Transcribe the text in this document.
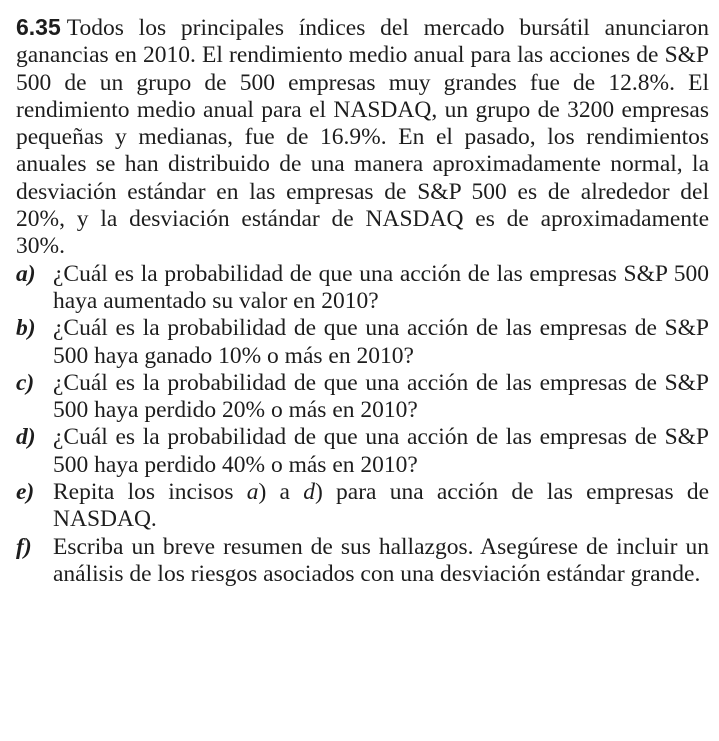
6.35 Todos los principales índices del mercado bursátil anunciaron ganancias en 2010. El rendimiento medio anual para las acciones de S&P 500 de un grupo de 500 empresas muy grandes fue de 12.8%. El rendimiento medio anual para el NASDAQ, un grupo de 3200 empresas pequeñas y medianas, fue de 16.9%. En el pasado, los rendimientos anuales se han distribuido de una manera aproximadamente normal, la desviación estándar en las empresas de S&P 500 es de alrededor del 20%, y la desviación estándar de NASDAQ es de aproximadamente 30%.

a) ¿Cuál es la probabilidad de que una acción de las empresas S&P 500 haya aumentado su valor en 2010?
b) ¿Cuál es la probabilidad de que una acción de las empresas de S&P 500 haya ganado 10% o más en 2010?
c) ¿Cuál es la probabilidad de que una acción de las empresas de S&P 500 haya perdido 20% o más en 2010?
d) ¿Cuál es la probabilidad de que una acción de las empresas de S&P 500 haya perdido 40% o más en 2010?
e) Repita los incisos a) a d) para una acción de las empresas de NASDAQ.
f) Escriba un breve resumen de sus hallazgos. Asegúrese de incluir un análisis de los riesgos asociados con una desviación estándar grande.
